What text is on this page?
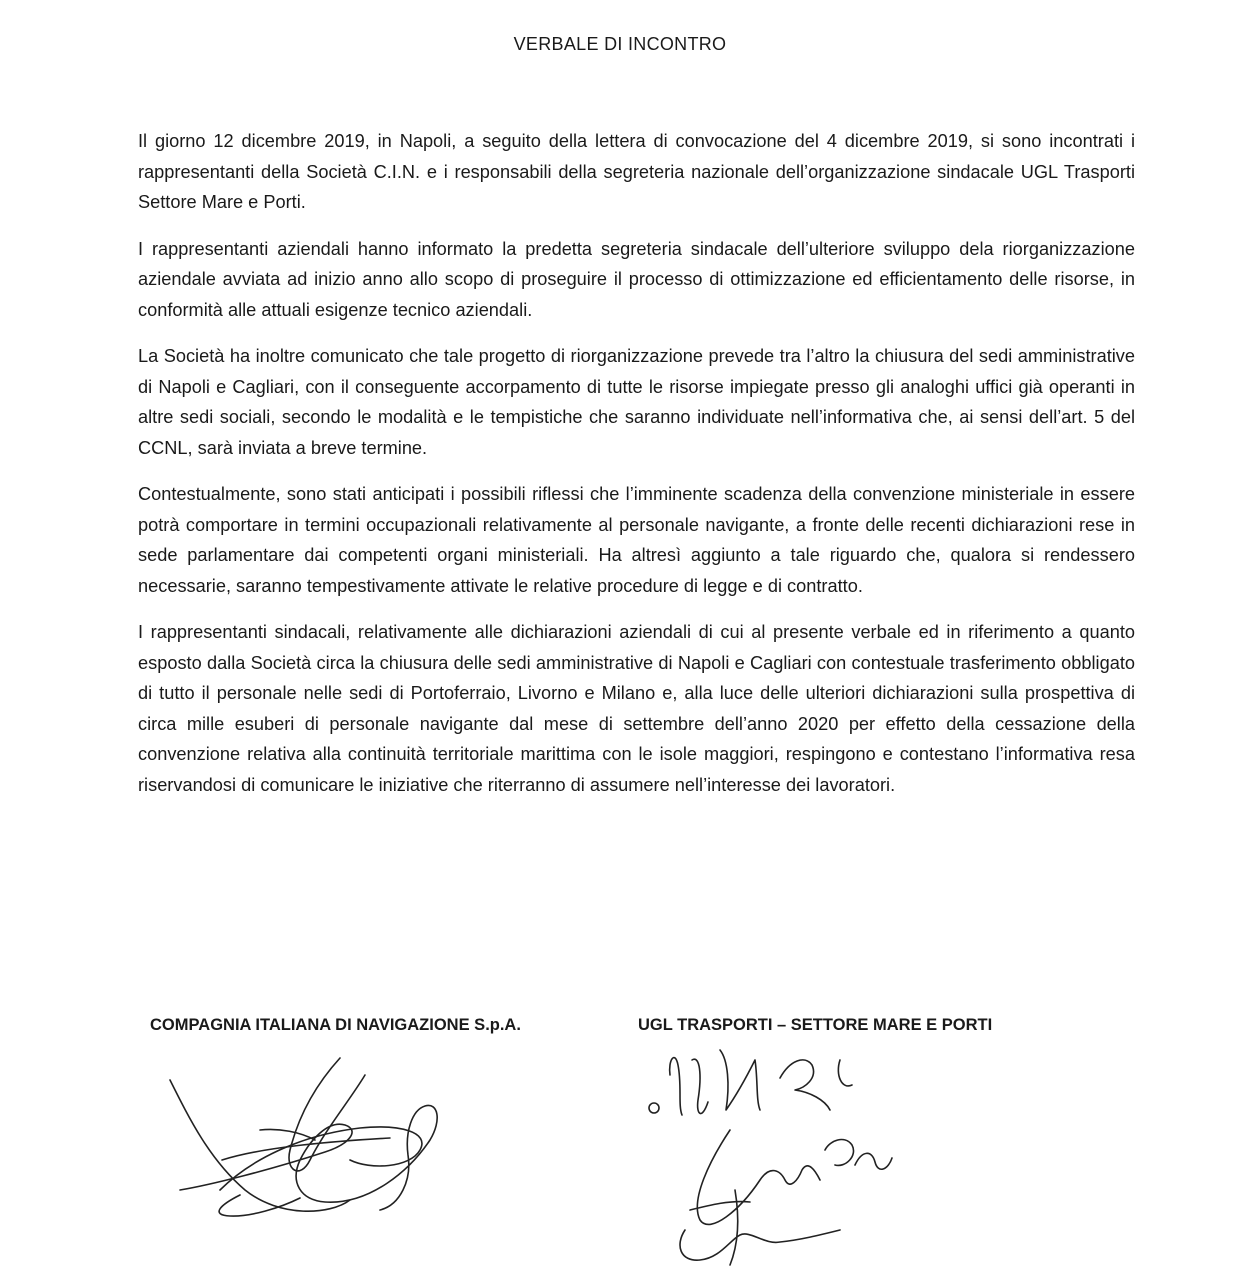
VERBALE DI INCONTRO

Il giorno 12 dicembre 2019, in Napoli, a seguito della lettera di convocazione del 4 dicembre 2019, si sono incontrati i rappresentanti della Società C.I.N. e i responsabili della segreteria nazionale dell’organizzazione sindacale UGL Trasporti Settore Mare e Porti.

I rappresentanti aziendali hanno informato la predetta segreteria sindacale dell’ulteriore sviluppo dela riorganizzazione aziendale avviata ad inizio anno allo scopo di proseguire il processo di ottimizzazione ed efficientamento delle risorse, in conformità alle attuali esigenze tecnico aziendali.

La Società ha inoltre comunicato che tale progetto di riorganizzazione prevede tra l’altro la chiusura del sedi amministrative di Napoli e Cagliari, con il conseguente accorpamento di tutte le risorse impiegate presso gli analoghi uffici già operanti in altre sedi sociali, secondo le modalità e le tempistiche che saranno individuate nell’informativa che, ai sensi dell’art. 5 del CCNL, sarà inviata a breve termine.

Contestualmente, sono stati anticipati i possibili riflessi che l’imminente scadenza della convenzione ministeriale in essere potrà comportare in termini occupazionali relativamente al personale navigante, a fronte delle recenti dichiarazioni rese in sede parlamentare dai competenti organi ministeriali. Ha altresì aggiunto a tale riguardo che, qualora si rendessero necessarie, saranno tempestivamente attivate le relative procedure di legge e di contratto.

I rappresentanti sindacali, relativamente alle dichiarazioni aziendali di cui al presente verbale ed in riferimento a quanto esposto dalla Società circa la chiusura delle sedi amministrative di Napoli e Cagliari con contestuale trasferimento obbligato di tutto il personale nelle sedi di Portoferraio, Livorno e Milano e, alla luce delle ulteriori dichiarazioni sulla prospettiva di circa mille esuberi di personale navigante dal mese di settembre dell’anno 2020 per effetto della cessazione della convenzione relativa alla continuità territoriale marittima con le isole maggiori, respingono e contestano l’informativa resa riservandosi di comunicare le iniziative che riterranno di assumere nell’interesse dei lavoratori.

COMPAGNIA ITALIANA DI NAVIGAZIONE S.p.A.	UGL TRASPORTI – SETTORE MARE E PORTI
